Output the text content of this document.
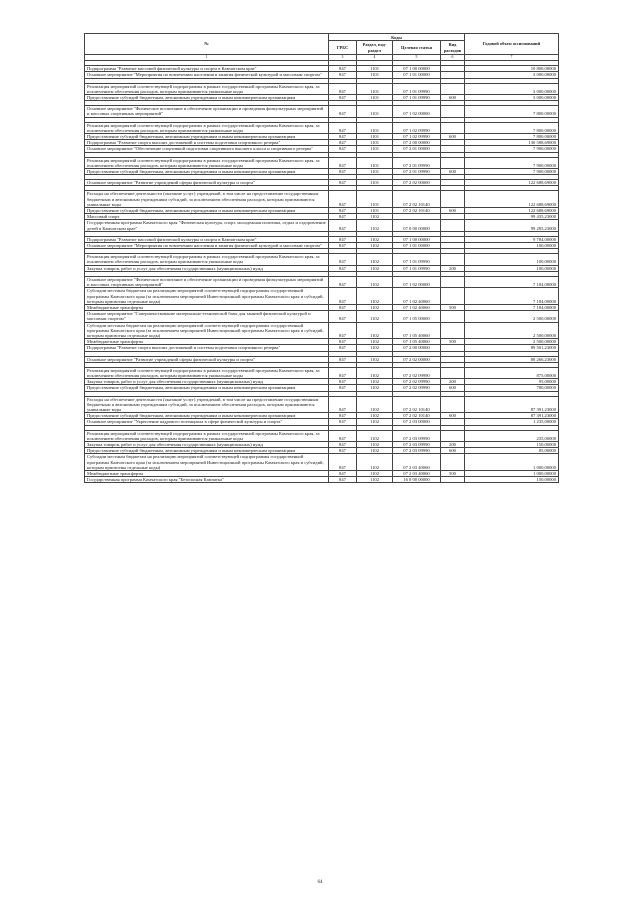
№	Коды				Годовой объем ассигнований
	ГРБС	Раздел, под-раздел	Целевая статья	Вид расходов	
1	3	4	5	6	7

Подпрограмма "Развитие массовой физической культуры и спорта в Камчатском крае"	847	1101	07 1 00 00000		10 800,00000
Основное мероприятие "Мероприятия по вовлечению населения в занятия физической культурой и массовым спортом"	847	1101	07 1 01 00000		3 000,00000

Реализация мероприятий соответствующей подпрограммы в рамках государственной программы Камчатского края, за исключением обеспечения расходов, которым присваиваются уникальные коды	847	1101	07 1 01 09990		3 000,00000
Предоставление субсидий бюджетным, автономным учреждениям и иным некоммерческим организациям	847	1101	07 1 01 09990	600	3 000,00000

Основное мероприятие "Физическое воспитание и обеспечение организации и проведения физкультурных мероприятий и массовых спортивных мероприятий"	847	1101	07 1 02 00000		7 800,00000

Реализация мероприятий соответствующей подпрограммы в рамках государственной программы Камчатского края, за исключением обеспечения расходов, которым присваиваются уникальные коды	847	1101	07 1 02 09990		7 800,00000
Предоставление субсидий бюджетным, автономным учреждениям и иным некоммерческим организациям	847	1101	07 1 02 09990	600	7 800,00000
Подпрограмма "Развитие спорта высших достижений и системы подготовки спортивного резерва"	847	1101	07 2 00 00000		130 588,69000
Основное мероприятие "Обеспечение спортивной подготовки спортивного высшего класса и спортивного резерва"	847	1101	07 2 01 00000		7 900,00000

Реализация мероприятий соответствующей подпрограммы в рамках государственной программы Камчатского края, за исключением обеспечения расходов, которым присваиваются уникальные коды	847	1101	07 2 01 09990		7 900,00000
Предоставление субсидий бюджетным, автономным учреждениям и иным некоммерческим организациям	847	1101	07 2 01 09990	600	7 900,00000

Основное мероприятие "Развитие учреждений сферы физической культуры и спорта"	847	1101	07 2 02 00000		122 688,69000

Расходы на обеспечение деятельности (оказание услуг) учреждений, в том числе на предоставление государственным бюджетным и автономным учреждениям субсидий, за исключением обеспечения расходов, которым присваиваются уникальные коды	847	1101	07 2 02 10140		122 688,69000
Предоставление субсидий бюджетным, автономным учреждениям и иным некоммерческим организациям	847	1101	07 2 02 10140	600	122 688,69000
Массовый спорт	847	1102			99 435,23000
Государственная программа Камчатского края "Физическая культура, спорт, молодежная политика, отдых и оздоровление детей в Камчатском крае"	847	1102	07 0 00 00000		99 285,23000

Подпрограмма "Развитие массовой физической культуры и спорта в Камчатском крае"	847	1102	07 1 00 00000		9 784,00000
Основное мероприятие "Мероприятия по вовлечению населения в занятия физической культурой и массовым спортом"	847	1102	07 1 01 00000		100,00000

Реализация мероприятий соответствующей подпрограммы в рамках государственной программы Камчатского края, за исключением обеспечения расходов, которым присваиваются уникальные коды	847	1102	07 1 01 09990		100,00000
Закупка товаров, работ и услуг для обеспечения государственных (муниципальных) нужд	847	1102	07 1 01 09990	200	100,00000

Основное мероприятие "Физическое воспитание и обеспечение организации и проведения физкультурных мероприятий и массовых спортивных мероприятий"	847	1102	07 1 02 00000		7 184,00000
Субсидии местным бюджетам на реализацию мероприятий соответствующей подпрограммы государственной программы Камчатского края (за исключением мероприятий Инвестиционной программы Камчатского края и субсидий, которым присвоены отдельные коды)	847	1102	07 1 02 40060		7 184,00000
Межбюджетные трансферты	847	1102	07 1 02 40060	500	7 184,00000
Основное мероприятие "Совершенствование материально-технической базы для занятий физической культурой и массовым спортом"	847	1102	07 1 05 00000		2 500,00000
Субсидии местным бюджетам на реализацию мероприятий соответствующей подпрограммы государственной программы Камчатского края (за исключением мероприятий Инвестиционной программы Камчатского края и субсидий, которым присвоены отдельные коды)	847	1102	07 1 05 40060		2 500,00000
Межбюджетные трансферты	847	1102	07 1 05 40060	500	2 500,00000
Подпрограмма "Развитие спорта высших достижений и системы подготовки спортивного резерва"	847	1102	07 2 00 00000		89 501,23000

Основное мероприятие "Развитие учреждений сферы физической культуры и спорта"	847	1102	07 2 02 00000		88 266,23000

Реализация мероприятий соответствующей подпрограммы в рамках государственной программы Камчатского края, за исключением обеспечения расходов, которым присваиваются уникальные коды	847	1102	07 2 02 09990		875,00000
Закупка товаров, работ и услуг для обеспечения государственных (муниципальных) нужд	847	1102	07 2 02 09990	200	95,00000
Предоставление субсидий бюджетным, автономным учреждениям и иным некоммерческим организациям	847	1102	07 2 02 09990	600	780,00000

Расходы на обеспечение деятельности (оказание услуг) учреждений, в том числе на предоставление государственным бюджетным и автономным учреждениям субсидий, за исключением обеспечения расходов, которым присваиваются уникальные коды	847	1102	07 2 02 10140		87 391,23000
Предоставление субсидий бюджетным, автономным учреждениям и иным некоммерческим организациям	847	1102	07 2 02 10140	600	87 391,23000
Основное мероприятие "Укрепление кадрового потенциала в сфере физической культуры и спорта"	847	1102	07 2 03 00000		1 235,00000

Реализация мероприятий соответствующей подпрограммы в рамках государственной программы Камчатского края, за исключением обеспечения расходов, которым присваиваются уникальные коды	847	1102	07 2 03 09990		235,00000
Закупка товаров, работ и услуг для обеспечения государственных (муниципальных) нужд	847	1102	07 2 03 09990	200	150,00000
Предоставление субсидий бюджетным, автономным учреждениям и иным некоммерческим организациям	847	1102	07 2 03 09990	600	85,00000
Субсидии местным бюджетам на реализацию мероприятий соответствующей подпрограммы государственной программы Камчатского края (за исключением мероприятий Инвестиционной программы Камчатского края и субсидий, которым присвоены отдельные коды)	847	1102	07 2 03 40060		1 000,00000
Межбюджетные трансферты	847	1102	07 2 03 40060	500	1 000,00000
Государственная программа Камчатского края "Безопасная Камчатка"	847	1102	16 0 00 00000		150,00000
64
